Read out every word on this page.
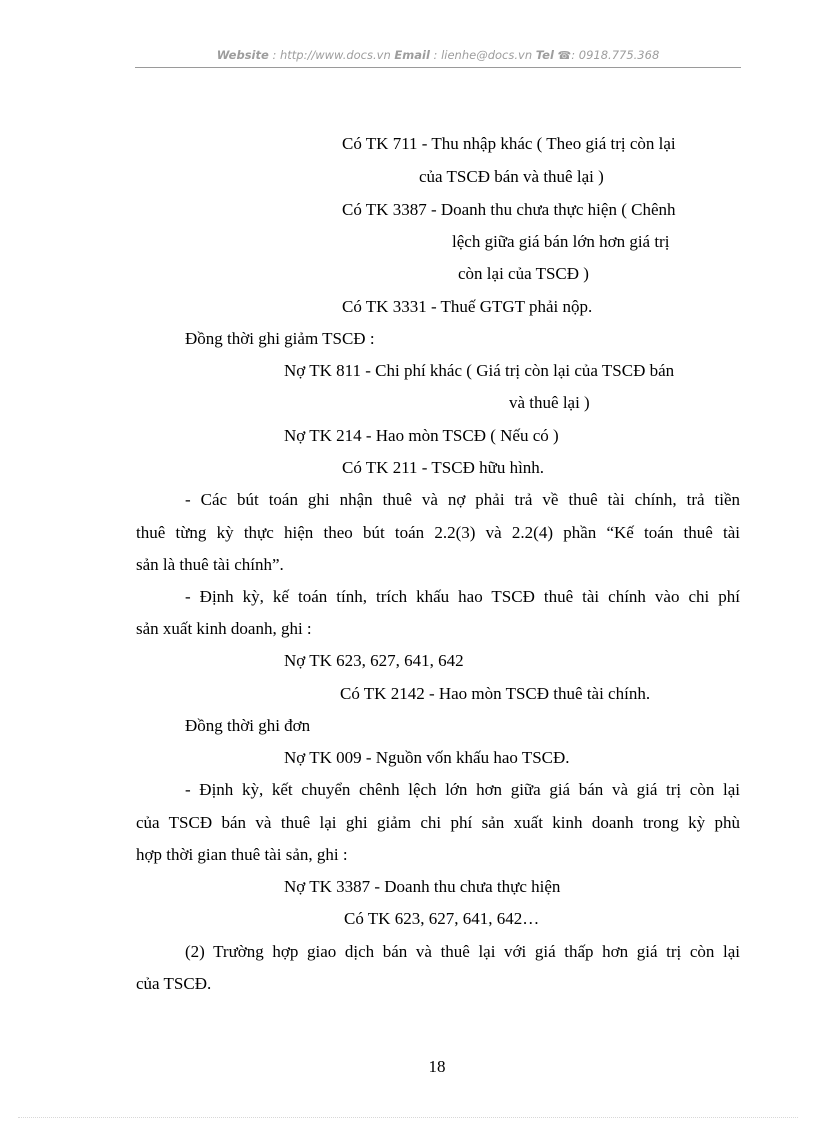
Website : http://www.docs.vn Email : lienhe@docs.vn Tel ☎: 0918.775.368
Có TK 711 - Thu nhập khác ( Theo giá trị còn lại
của TSCĐ bán và thuê lại )
Có TK 3387 - Doanh thu chưa thực hiện ( Chênh
lệch giữa giá bán lớn hơn giá trị
còn lại của TSCĐ )
Có TK 3331 - Thuế GTGT phải nộp.
Đồng thời ghi giảm TSCĐ :
Nợ TK 811 - Chi phí khác ( Giá trị còn lại của TSCĐ bán
và thuê lại )
Nợ TK 214 - Hao mòn TSCĐ ( Nếu có )
Có TK 211 - TSCĐ hữu hình.
- Các bút toán ghi nhận thuê và nợ phải trả về thuê tài chính, trả tiền
thuê từng kỳ thực hiện theo bút toán 2.2(3) và 2.2(4) phần “Kế toán thuê tài
sản là thuê tài chính”.
- Định kỳ, kế toán tính, trích khấu hao TSCĐ thuê tài chính vào chi phí
sản xuất kinh doanh, ghi :
Nợ TK 623, 627, 641, 642
Có TK 2142 - Hao mòn TSCĐ thuê tài chính.
Đồng thời ghi đơn
Nợ TK 009 - Nguồn vốn khấu hao TSCĐ.
- Định kỳ, kết chuyển chênh lệch lớn hơn giữa giá bán và giá trị còn lại
của TSCĐ bán và thuê lại ghi giảm chi phí sản xuất kinh doanh trong kỳ phù
hợp thời gian thuê tài sản, ghi :
Nợ TK 3387 - Doanh thu chưa thực hiện
Có TK 623, 627, 641, 642…
(2) Trường hợp giao dịch bán và thuê lại với giá thấp hơn giá trị còn lại
của TSCĐ.
18
